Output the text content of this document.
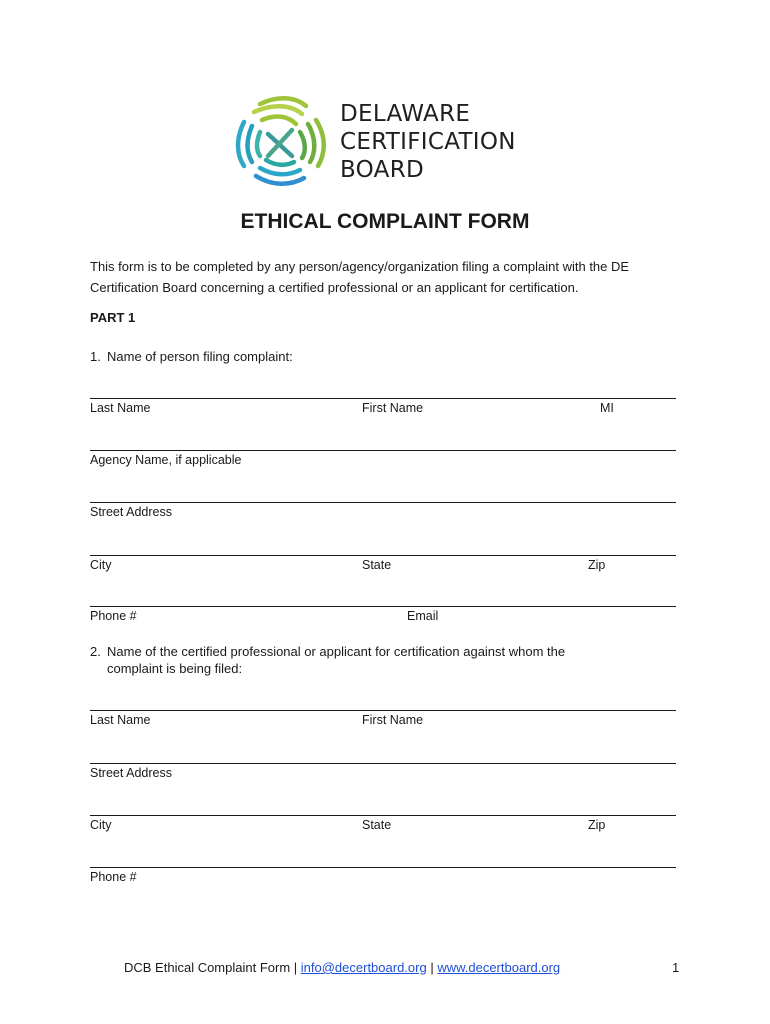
DELAWARE
CERTIFICATION
BOARD
ETHICAL COMPLAINT FORM
This form is to be completed by any person/agency/organization filing a complaint with the DE
Certification Board concerning a certified professional or an applicant for certification.
PART 1
1. Name of person filing complaint:
Last Name	First Name	MI
Agency Name, if applicable
Street Address
City	State	Zip
Phone #	Email
2. Name of the certified professional or applicant for certification against whom the
complaint is being filed:
Last Name	First Name
Street Address
City	State	Zip
Phone #
DCB Ethical Complaint Form | info@decertboard.org | www.decertboard.org	1
